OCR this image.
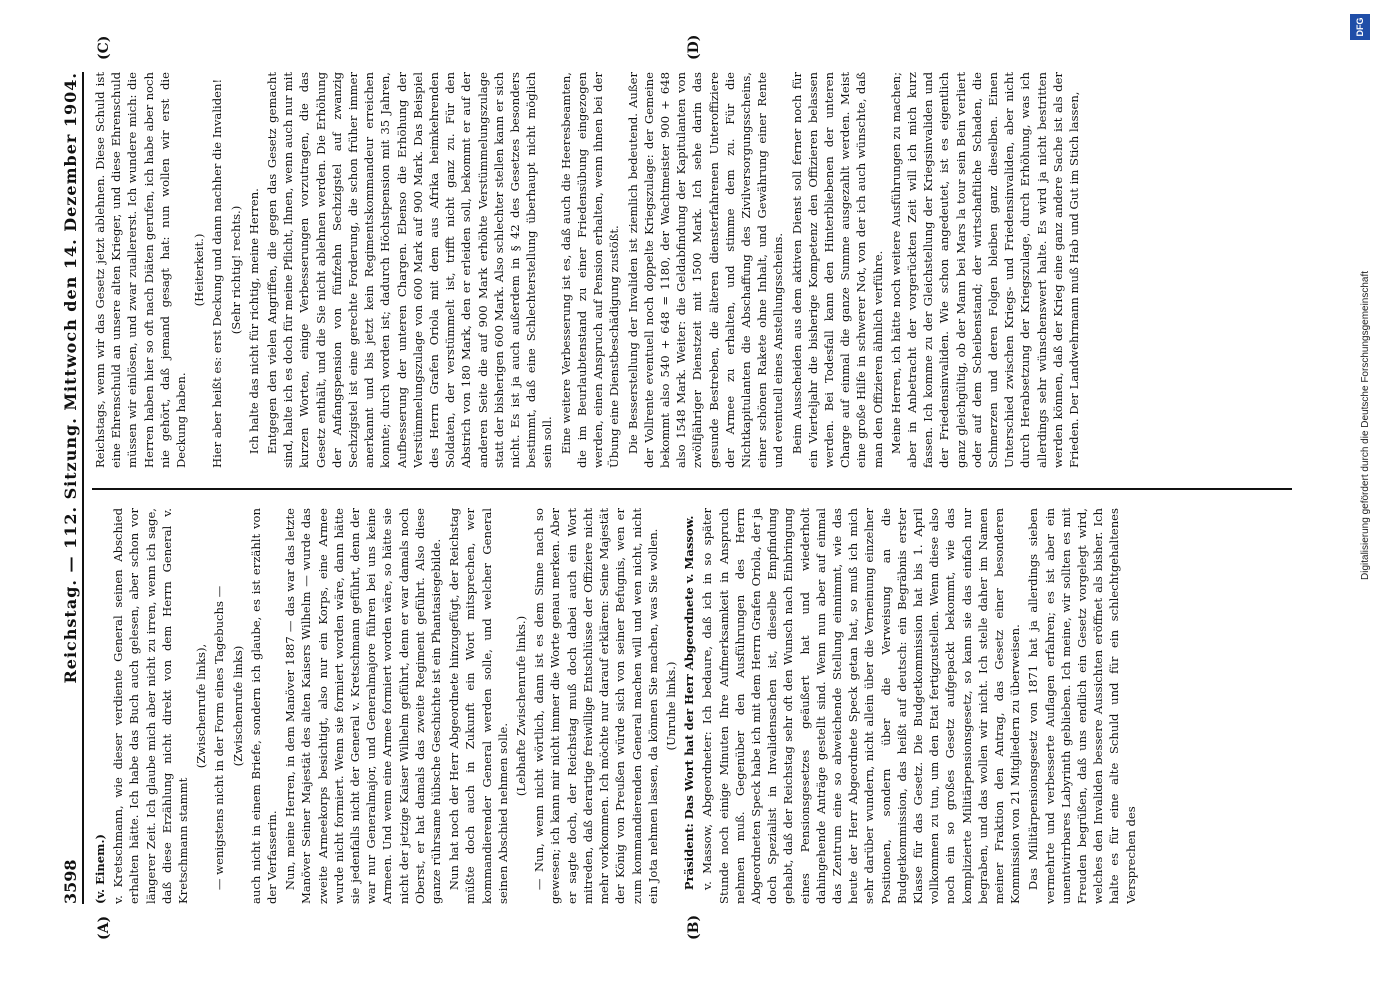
3598
Reichstag. — 112. Sitzung. Mittwoch den 14. Dezember 1904.
(A)	(B)
(C)	(D)

(v. Einem.) v. Kretschmann, wie dieser verdiente General seinen Abschied erhalten hätte. Ich habe das Buch auch gelesen, aber schon vor längerer Zeit. Ich glaube mich aber nicht zu irren, wenn ich sage, daß diese Erzählung nicht direkt von dem Herrn General v. Kretschmann stammt

(Zwischenrufe links), — wenigstens nicht in der Form eines Tagebuchs — (Zwischenrufe links) auch nicht in einem Briefe, sondern ich glaube, es ist erzählt von der Verfasserin. Nun, meine Herren, in dem Manöver 1887 — das war das letzte Manöver Seiner Majestät des alten Kaisers Wilhelm — wurde das zweite Armeekorps besichtigt, also nur ein Korps, eine Armee wurde nicht formiert. Wenn sie formiert worden wäre, dann hätte sie jedenfalls nicht der General v. Kretschmann geführt, denn der war nur Generalmajor, und Generalmajore führen bei uns keine Armeen. Und wenn eine Armee formiert worden wäre, so hätte sie nicht der jetzige Kaiser Wilhelm geführt, denn er war damals noch Oberst, er hat damals das zweite Regiment geführt. Also diese ganze rührsame hübsche Geschichte ist ein Phantasiegebilde. Nun hat noch der Herr Abgeordnete hinzugefügt, der Reichstag müßte doch auch in Zukunft ein Wort mitsprechen, wer kommandierender General werden solle, und welcher General seinen Abschied nehmen solle.

(Lebhafte Zwischenrufe links.) — Nun, wenn nicht wörtlich, dann ist es dem Sinne nach so gewesen; ich kann mir nicht immer die Worte genau merken. Aber er sagte doch, der Reichstag muß doch dabei auch ein Wort mitreden, daß derartige freiwillige Entschlüsse der Offiziere nicht mehr vorkommen. Ich möchte nur darauf erklären: Seine Majestät der König von Preußen würde sich von seiner Befugnis, wen er zum kommandierenden General machen will und wen nicht, nicht ein Jota nehmen lassen, da können Sie machen, was Sie wollen. (Unruhe links.) Präsident: Das Wort hat der Herr Abgeordnete v. Massow. v. Massow, Abgeordneter: Ich bedaure, daß ich in so später Stunde noch einige Minuten Ihre Aufmerksamkeit in Anspruch nehmen muß. Gegenüber den Ausführungen des Herrn Abgeordneten Speck habe ich mit dem Herrn Grafen Oriola, der ja doch Spezialist in Invalidensachen ist, dieselbe Empfindung gehabt, daß der Reichstag sehr oft den Wunsch nach Einbringung eines Pensionsgesetzes geäußert hat und wiederholt dahingehende Anträge gestellt sind. Wenn nun aber auf einmal das Zentrum eine so abweichende Stellung einnimmt, wie das heute der Herr Abgeordnete Speck getan hat, so muß ich mich sehr darüber wundern, nicht allein über die Verneinung einzelner Positionen, sondern über die Verweisung an die Budgetkommission, das heißt auf deutsch: ein Begräbnis erster Klasse für das Gesetz. Die Budgetkommission hat bis 1. April vollkommen zu tun, um den Etat fertigzustellen. Wenn diese also noch ein so großes Gesetz aufgepackt bekommt, wie das komplizierte Militärpensionsgesetz, so kann sie das einfach nur begraben, und das wollen wir nicht. Ich stelle daher im Namen meiner Fraktion den Antrag, das Gesetz einer besonderen Kommission von 21 Mitgliedern zu überweisen. Das Militärpensionsgesetz von 1871 hat ja allerdings sieben vermehrte und verbesserte Auflagen erfahren; es ist aber ein unentwirrbares Labyrinth geblieben. Ich meine, wir sollten es mit Freuden begrüßen, daß uns endlich ein Gesetz vorgelegt wird, welches den Invaliden bessere Aussichten eröffnet als bisher. Ich halte es für eine alte Schuld und für ein schlechtgehaltenes Versprechen des

Reichstags, wenn wir das Gesetz jetzt ablehnen. Diese Schuld ist eine Ehrenschuld an unsere alten Krieger, und diese Ehrenschuld müssen wir einlösen, und zwar zuallererst. Ich wundere mich: die Herren haben hier so oft nach Diäten gerufen, ich habe aber noch nie gehört, daß jemand gesagt hat: nun wollen wir erst die Deckung haben.

(Heiterkeit.) Hier aber heißt es: erst Deckung und dann nachher die Invaliden! (Sehr richtig! rechts.) Ich halte das nicht für richtig, meine Herren. Entgegen den vielen Angriffen, die gegen das Gesetz gemacht sind, halte ich es doch für meine Pflicht, Ihnen, wenn auch nur mit kurzen Worten, einige Verbesserungen vorzutragen, die das Gesetz enthält, und die Sie nicht ablehnen werden. Die Erhöhung der Anfangspension von fünfzehn Sechzigstel auf zwanzig Sechzigstel ist eine gerechte Forderung, die schon früher immer anerkannt und bis jetzt kein Regimentskommandeur erreichen konnte; durch worden ist; dadurch Höchstpension mit 35 Jahren, Aufbesserung der unteren Chargen. Ebenso die Erhöhung der Verstümmelungszulage von 600 Mark auf 900 Mark. Das Beispiel des Herrn Grafen Oriola mit dem aus Afrika heimkehrenden Soldaten, der verstümmelt ist, trifft nicht ganz zu. Für den Abstrich von 180 Mark, den er erleiden soll, bekommt er auf der anderen Seite die auf 900 Mark erhöhte Verstümmelungszulage statt der bisherigen 600 Mark. Also schlechter stellen kann er sich nicht. Es ist ja auch außerdem in § 42 des Gesetzes besonders bestimmt, daß eine Schlechterstellung überhaupt nicht möglich sein soll. Eine weitere Verbesserung ist es, daß auch die Heeresbeamten, die im Beurlaubtenstand zu einer Friedensübung eingezogen werden, einen Anspruch auf Pension erhalten, wenn ihnen bei der Übung eine Dienstbeschädigung zustößt. Die Besserstellung der Invaliden ist ziemlich bedeutend. Außer der Vollrente eventuell noch doppelte Kriegszulage: der Gemeine bekommt also 540 + 648 = 1180, der Wachtmeister 900 + 648 also 1548 Mark. Weiter: die Geldabfindung der Kapitulanten von zwölfjähriger Dienstzeit mit 1500 Mark. Ich sehe darin das gesunde Bestreben, die älteren diensterfahrenen Unteroffiziere der Armee zu erhalten, und stimme dem zu. Für die Nichtkapitulanten die Abschaffung des Zivilversorgungsscheins, einer schönen Rakete ohne Inhalt, und Gewährung einer Rente und eventuell eines Anstellungsscheins. Beim Ausscheiden aus dem aktiven Dienst soll ferner noch für ein Vierteljahr die bisherige Kompetenz den Offizieren belassen werden. Bei Todesfall kann den Hinterbliebenen der unteren Charge auf einmal die ganze Summe ausgezahlt werden. Meist eine große Hilfe in schwerer Not, von der ich auch wünschte, daß man den Offizieren ähnlich verführe. Meine Herren, ich hätte noch weitere Ausführungen zu machen; aber in Anbetracht der vorgerückten Zeit will ich mich kurz fassen. Ich komme zu der Gleichstellung der Kriegsinvaliden und der Friedensinvaliden. Wie schon angedeutet, ist es eigentlich ganz gleichgültig, ob der Mann bei Mars la tour sein Bein verliert oder auf dem Scheibenstand; der wirtschaftliche Schaden, die Schmerzen und deren Folgen bleiben ganz dieselben. Einen Unterschied zwischen Kriegs- und Friedensinvaliden, aber nicht durch Herabsetzung der Kriegszulage, durch Erhöhung, was ich allerdings sehr wünschenswert halte. Es wird ja nicht bestritten werden können, daß der Krieg eine ganz andere Sache ist als der Frieden. Der Landwehrmann muß Hab und Gut im Stich lassen,	Digitalisierung gefördert durch die Deutsche Forschungsgemeinschaft
DFG
